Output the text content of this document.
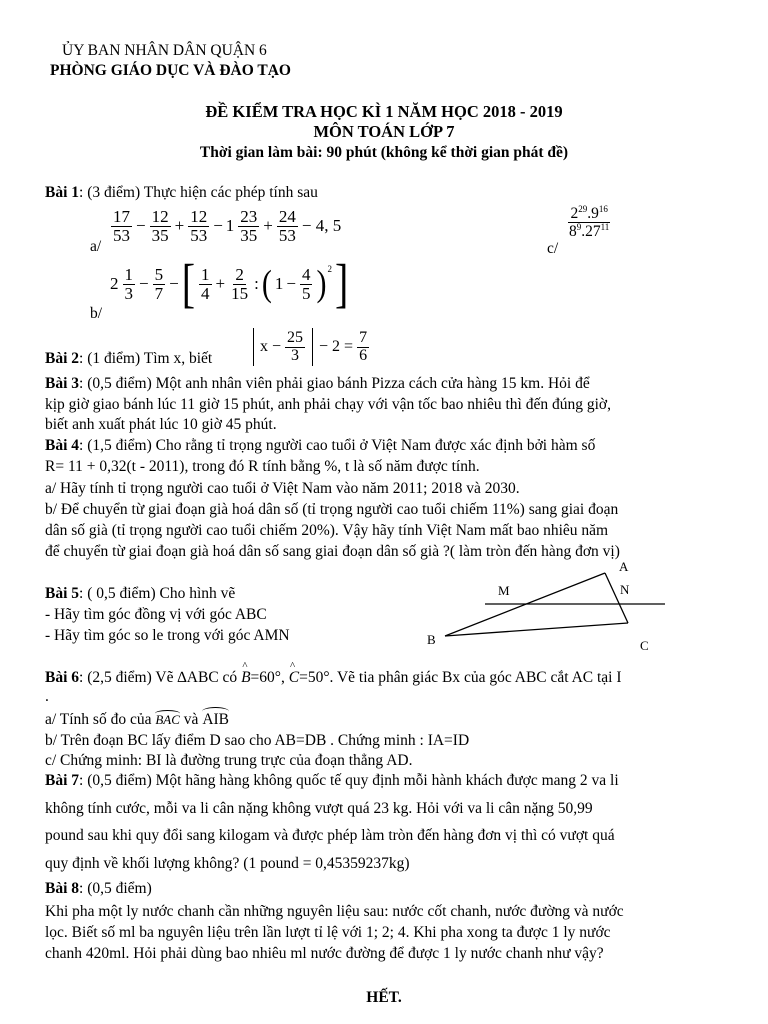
ỦY BAN NHÂN DÂN QUẬN 6
PHÒNG GIÁO DỤC VÀ ĐÀO TẠO
ĐỀ KIỂM TRA HỌC KÌ 1 NĂM HỌC 2018 - 2019
MÔN TOÁN LỚP 7
Thời gian làm bài: 90 phút (không kể thời gian phát đề)
Bài 1: (3 điểm) Thực hiện các phép tính sau
a/
$\frac{17}{53} - \frac{12}{35} + \frac{12}{53} - 1 \frac{23}{35} + \frac{24}{53} - 4$, 5
c/
$\frac{2^{29}.9^{16}}{8^9.27^{11}}$
b/
$2 \frac{1}{3} - \frac{5}{7}$ − [ $\frac{1}{4} + \frac{2}{15}$ : ( $1 - \frac{4}{5} )^2$ ]
Bài 2: (1 điểm) Tìm x, biết
$x - \frac{25}{3} - 2 = \frac{7}{6}$
Bài 3: (0,5 điểm) Một anh nhân viên phải giao bánh Pizza cách cửa hàng 15 km. Hỏi để
kịp giờ giao bánh lúc 11 giờ 15 phút, anh phải chạy với vận tốc bao nhiêu thì đến đúng giờ,
biết anh xuất phát lúc 10 giờ 45 phút.
Bài 4: (1,5 điểm) Cho rằng tỉ trọng người cao tuổi ở Việt Nam được xác định bởi hàm số
R= 11 + 0,32(t - 2011), trong đó R tính bằng %, t là số năm được tính.
a/ Hãy tính tỉ trọng người cao tuổi ở Việt Nam vào năm 2011; 2018 và 2030.
b/ Để chuyển từ giai đoạn già hoá dân số (tỉ trọng người cao tuổi chiếm 11%) sang giai đoạn
dân số già (tỉ trọng người cao tuổi chiếm 20%). Vậy hãy tính Việt Nam mất bao nhiêu năm
để chuyển từ giai đoạn già hoá dân số sang giai đoạn dân số già ?( làm tròn đến hàng đơn vị)
Bài 5: ( 0,5 điểm) Cho hình vẽ
- Hãy tìm góc đồng vị với góc ABC
- Hãy tìm góc so le trong với góc AMN
A
M	N
B	C
Bài 6: (2,5 điểm) Vẽ ∆ABC có ^ B=60°, ^ C=50°. Vẽ tia phân giác Bx của góc ABC cắt AC tại I
.
a/ Tính số đo của BAC và AIB
b/ Trên đoạn BC lấy điểm D sao cho AB=DB . Chứng minh : IA=ID
c/ Chứng minh: BI là đường trung trực của đoạn thẳng AD.
Bài 7: (0,5 điểm) Một hãng hàng không quốc tế quy định mỗi hành khách được mang 2 va li
không tính cước, mỗi va li cân nặng không vượt quá 23 kg. Hỏi với va li cân nặng 50,99
pound sau khi quy đổi sang kilogam và được phép làm tròn đến hàng đơn vị thì có vượt quá
quy định về khối lượng không? (1 pound = 0,45359237kg)
Bài 8: (0,5 điểm)
Khi pha một ly nước chanh cần những nguyên liệu sau: nước cốt chanh, nước đường và nước
lọc. Biết số ml ba nguyên liệu trên lần lượt tỉ lệ với 1; 2; 4. Khi pha xong ta được 1 ly nước
chanh 420ml. Hỏi phải dùng bao nhiêu ml nước đường để được 1 ly nước chanh như vậy?
HẾT.
